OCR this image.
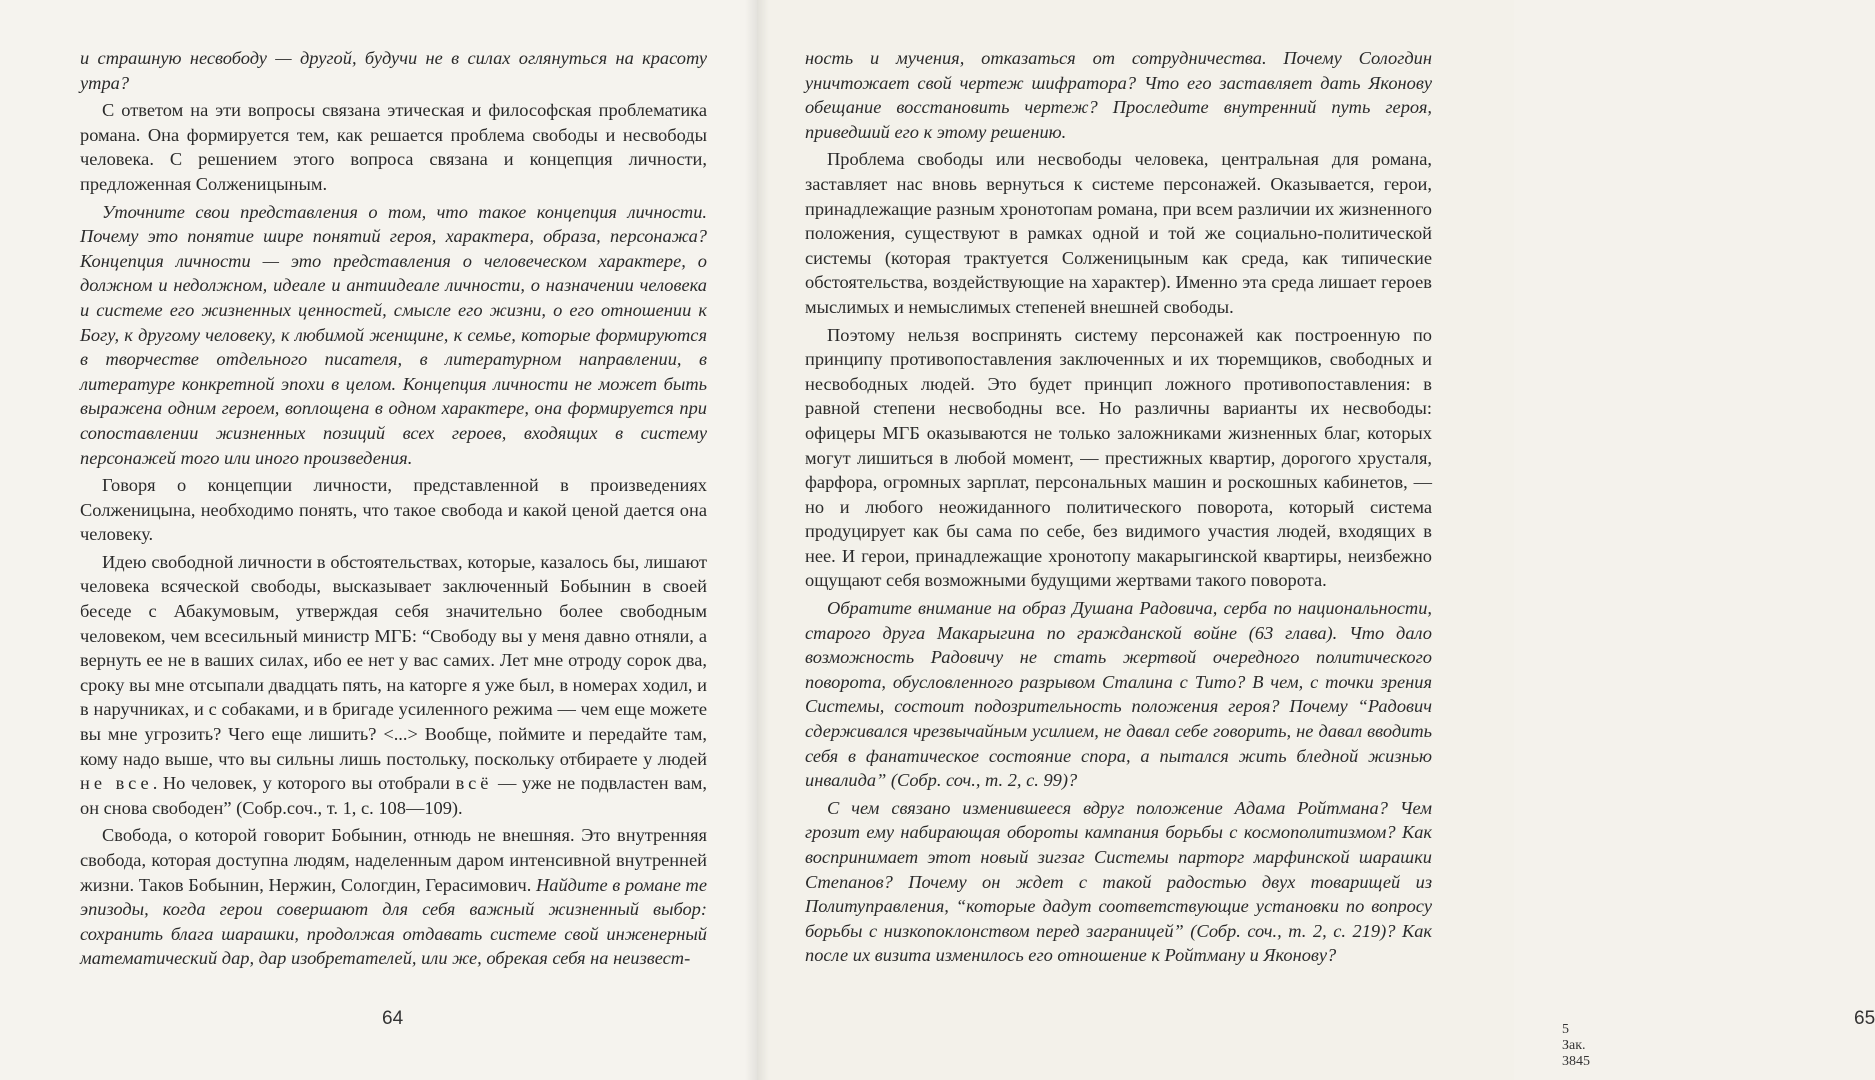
и страшную несвободу — другой, будучи не в силах оглянуться на красоту утра?

С ответом на эти вопросы связана этическая и философская проблематика романа. Она формируется тем, как решается проблема свободы и несвободы человека. С решением этого вопроса связана и концепция личности, предложенная Солженицыным.

Уточните свои представления о том, что такое концепция личности. Почему это понятие шире понятий героя, характера, образа, персонажа? Концепция личности — это представления о человеческом характере, о должном и недолжном, идеале и антиидеале личности, о назначении человека и системе его жизненных ценностей, смысле его жизни, о его отношении к Богу, к другому человеку, к любимой женщине, к семье, которые формируются в творчестве отдельного писателя, в литературном направлении, в литературе конкретной эпохи в целом. Концепция личности не может быть выражена одним героем, воплощена в одном характере, она формируется при сопоставлении жизненных позиций всех героев, входящих в систему персонажей того или иного произведения.

Говоря о концепции личности, представленной в произведениях Солженицына, необходимо понять, что такое свобода и какой ценой дается она человеку.

Идею свободной личности в обстоятельствах, которые, казалось бы, лишают человека всяческой свободы, высказывает заключенный Бобынин в своей беседе с Абакумовым, утверждая себя значительно более свободным человеком, чем всесильный министр МГБ: “Свободу вы у меня давно отняли, а вернуть ее не в ваших силах, ибо ее нет у вас самих. Лет мне отроду сорок два, сроку вы мне отсыпали двадцать пять, на каторге я уже был, в номерах ходил, и в наручниках, и с собаками, и в бригаде усиленного режима — чем еще можете вы мне угрозить? Чего еще лишить? <...> Вообще, поймите и передайте там, кому надо выше, что вы сильны лишь постольку, поскольку отбираете у людей не все. Но человек, у которого вы отобрали всё — уже не подвластен вам, он снова свободен” (Собр.соч., т. 1, с. 108—109).

Свобода, о которой говорит Бобынин, отнюдь не внешняя. Это внутренняя свобода, которая доступна людям, наделенным даром интенсивной внутренней жизни. Таков Бобынин, Нержин, Сологдин, Герасимович. Найдите в романе те эпизоды, когда герои совершают для себя важный жизненный выбор: сохранить блага шарашки, продолжая отдавать системе свой инженерный математический дар, дар изобретателей, или же, обрекая себя на неизвест-

64

ность и мучения, отказаться от сотрудничества. Почему Сологдин уничтожает свой чертеж шифратора? Что его заставляет дать Яконову обещание восстановить чертеж? Проследите внутренний путь героя, приведший его к этому решению.

Проблема свободы или несвободы человека, центральная для романа, заставляет нас вновь вернуться к системе персонажей. Оказывается, герои, принадлежащие разным хронотопам романа, при всем различии их жизненного положения, существуют в рамках одной и той же социально-политической системы (которая трактуется Солженицыным как среда, как типические обстоятельства, воздействующие на характер). Именно эта среда лишает героев мыслимых и немыслимых степеней внешней свободы.

Поэтому нельзя воспринять систему персонажей как построенную по принципу противопоставления заключенных и их тюремщиков, свободных и несвободных людей. Это будет принцип ложного противопоставления: в равной степени несвободны все. Но различны варианты их несвободы: офицеры МГБ оказываются не только заложниками жизненных благ, которых могут лишиться в любой момент, — престижных квартир, дорогого хрусталя, фарфора, огромных зарплат, персональных машин и роскошных кабинетов, — но и любого неожиданного политического поворота, который система продуцирует как бы сама по себе, без видимого участия людей, входящих в нее. И герои, принадлежащие хронотопу макарыгинской квартиры, неизбежно ощущают себя возможными будущими жертвами такого поворота.

Обратите внимание на образ Душана Радовича, серба по национальности, старого друга Макарыгина по гражданской войне (63 глава). Что дало возможность Радовичу не стать жертвой очередного политического поворота, обусловленного разрывом Сталина с Тито? В чем, с точки зрения Системы, состоит подозрительность положения героя? Почему “Радович сдерживался чрезвычайным усилием, не давал себе говорить, не давал вводить себя в фанатическое состояние спора, а пытался жить бледной жизнью инвалида” (Собр. соч., т. 2, с. 99)?

С чем связано изменившееся вдруг положение Адама Ройтмана? Чем грозит ему набирающая обороты кампания борьбы с космополитизмом? Как воспринимает этот новый зигзаг Системы парторг марфинской шарашки Степанов? Почему он ждет с такой радостью двух товарищей из Политуправления, “которые дадут соответствующие установки по вопросу борьбы с низкопоклонством перед заграницей” (Собр. соч., т. 2, с. 219)? Как после их визита изменилось его отношение к Ройтману и Яконову?

5 Зак. 3845
65
